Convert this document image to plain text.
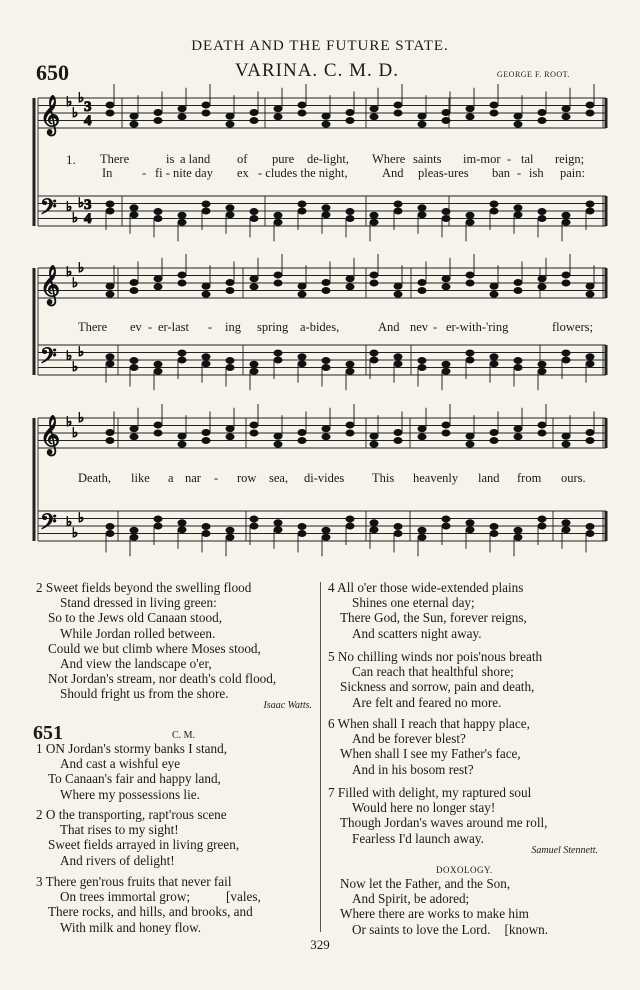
DEATH AND THE FUTURE STATE.
650	VARINA. C. M. D.	GEORGE F. ROOT.
𝄞
𝄢
♭
♭
♭
♭
♭
♭
3
3
4
4
𝄞
𝄢
♭
♭
♭
♭
♭
♭
𝄞
𝄢
♭
♭
♭
♭
♭
♭
1. There	is a land of pure de-light, Where saints im-mor - tal reign;
In - fi - nite day ex - cludes the night,	And pleas-ures ban - ish pain:
There ev - er-last - ing spring a-bides,	And nev - er-with-'ring	flowers;
Death, like a nar - row sea, di-vides This heavenly land from ours.
2 Sweet fields beyond the swelling flood
Stand dressed in living green:
So to the Jews old Canaan stood,
While Jordan rolled between.
Could we but climb where Moses stood,
And view the landscape o'er,
Not Jordan's stream, nor death's cold flood,
Should fright us from the shore.
Isaac Watts.
651	C. M.
1 ON Jordan's stormy banks I stand,
And cast a wishful eye
To Canaan's fair and happy land,
Where my possessions lie.
2 O the transporting, rapt'rous scene
That rises to my sight!
Sweet fields arrayed in living green,
And rivers of delight!
3 There gen'rous fruits that never fail
On trees immortal grow;	[vales,
There rocks, and hills, and brooks, and
With milk and honey flow.
4 All o'er those wide-extended plains
Shines one eternal day;
There God, the Sun, forever reigns,
And scatters night away.
5 No chilling winds nor pois'nous breath
Can reach that healthful shore;
Sickness and sorrow, pain and death,
Are felt and feared no more.
6 When shall I reach that happy place,
And be forever blest?
When shall I see my Father's face,
And in his bosom rest?
7 Filled with delight, my raptured soul
Would here no longer stay!
Though Jordan's waves around me roll,
Fearless I'd launch away.
Samuel Stennett.
DOXOLOGY.
Now let the Father, and the Son,
And Spirit, be adored;
Where there are works to make him
Or saints to love the Lord. [known.
329
